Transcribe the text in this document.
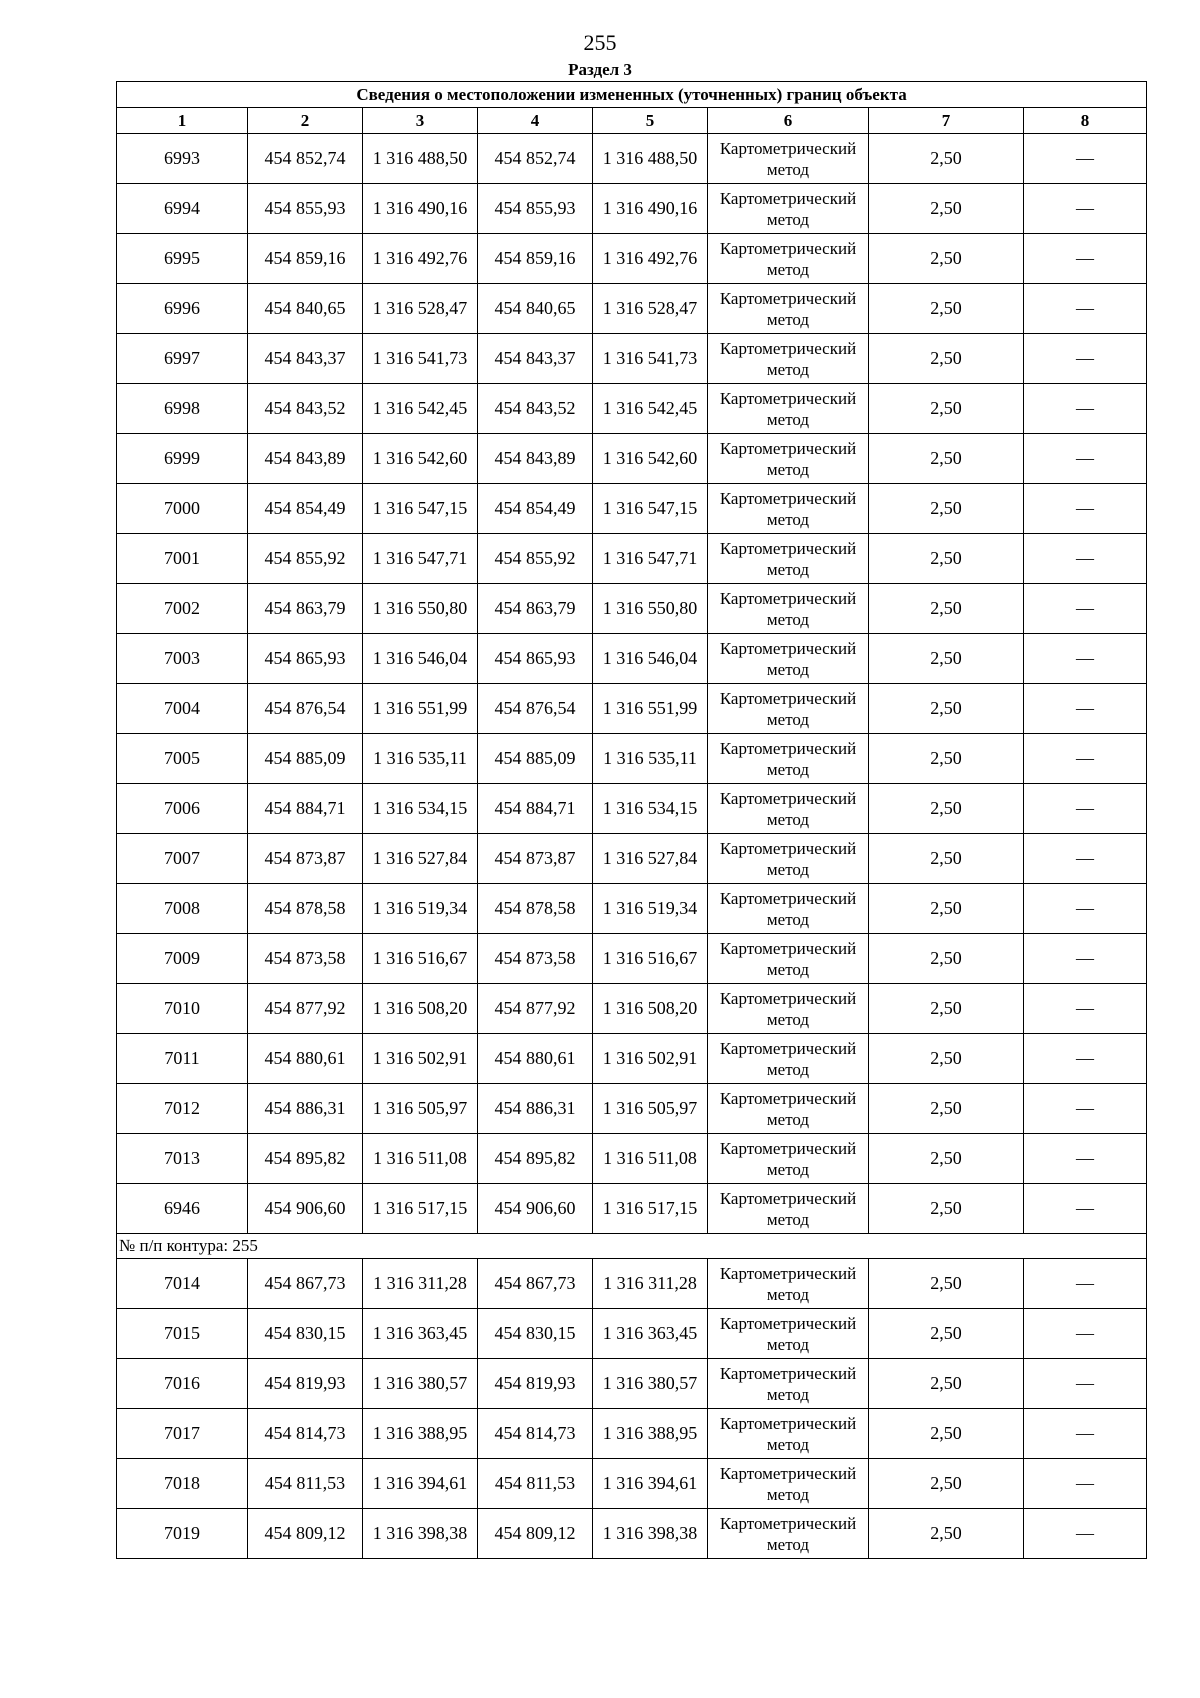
255
Раздел 3
Сведения о местоположении измененных (уточненных) границ объекта							
1	2	3	4	5	6	7	8
6993	454 852,74	1 316 488,50	454 852,74	1 316 488,50	Картометрический метод	2,50	—
6994	454 855,93	1 316 490,16	454 855,93	1 316 490,16	Картометрический метод	2,50	—
6995	454 859,16	1 316 492,76	454 859,16	1 316 492,76	Картометрический метод	2,50	—
6996	454 840,65	1 316 528,47	454 840,65	1 316 528,47	Картометрический метод	2,50	—
6997	454 843,37	1 316 541,73	454 843,37	1 316 541,73	Картометрический метод	2,50	—
6998	454 843,52	1 316 542,45	454 843,52	1 316 542,45	Картометрический метод	2,50	—
6999	454 843,89	1 316 542,60	454 843,89	1 316 542,60	Картометрический метод	2,50	—
7000	454 854,49	1 316 547,15	454 854,49	1 316 547,15	Картометрический метод	2,50	—
7001	454 855,92	1 316 547,71	454 855,92	1 316 547,71	Картометрический метод	2,50	—
7002	454 863,79	1 316 550,80	454 863,79	1 316 550,80	Картометрический метод	2,50	—
7003	454 865,93	1 316 546,04	454 865,93	1 316 546,04	Картометрический метод	2,50	—
7004	454 876,54	1 316 551,99	454 876,54	1 316 551,99	Картометрический метод	2,50	—
7005	454 885,09	1 316 535,11	454 885,09	1 316 535,11	Картометрический метод	2,50	—
7006	454 884,71	1 316 534,15	454 884,71	1 316 534,15	Картометрический метод	2,50	—
7007	454 873,87	1 316 527,84	454 873,87	1 316 527,84	Картометрический метод	2,50	—
7008	454 878,58	1 316 519,34	454 878,58	1 316 519,34	Картометрический метод	2,50	—
7009	454 873,58	1 316 516,67	454 873,58	1 316 516,67	Картометрический метод	2,50	—
7010	454 877,92	1 316 508,20	454 877,92	1 316 508,20	Картометрический метод	2,50	—
7011	454 880,61	1 316 502,91	454 880,61	1 316 502,91	Картометрический метод	2,50	—
7012	454 886,31	1 316 505,97	454 886,31	1 316 505,97	Картометрический метод	2,50	—
7013	454 895,82	1 316 511,08	454 895,82	1 316 511,08	Картометрический метод	2,50	—
6946	454 906,60	1 316 517,15	454 906,60	1 316 517,15	Картометрический метод	2,50	—
№ п/п контура: 255							
7014	454 867,73	1 316 311,28	454 867,73	1 316 311,28	Картометрический метод	2,50	—
7015	454 830,15	1 316 363,45	454 830,15	1 316 363,45	Картометрический метод	2,50	—
7016	454 819,93	1 316 380,57	454 819,93	1 316 380,57	Картометрический метод	2,50	—
7017	454 814,73	1 316 388,95	454 814,73	1 316 388,95	Картометрический метод	2,50	—
7018	454 811,53	1 316 394,61	454 811,53	1 316 394,61	Картометрический метод	2,50	—
7019	454 809,12	1 316 398,38	454 809,12	1 316 398,38	Картометрический метод	2,50	—
